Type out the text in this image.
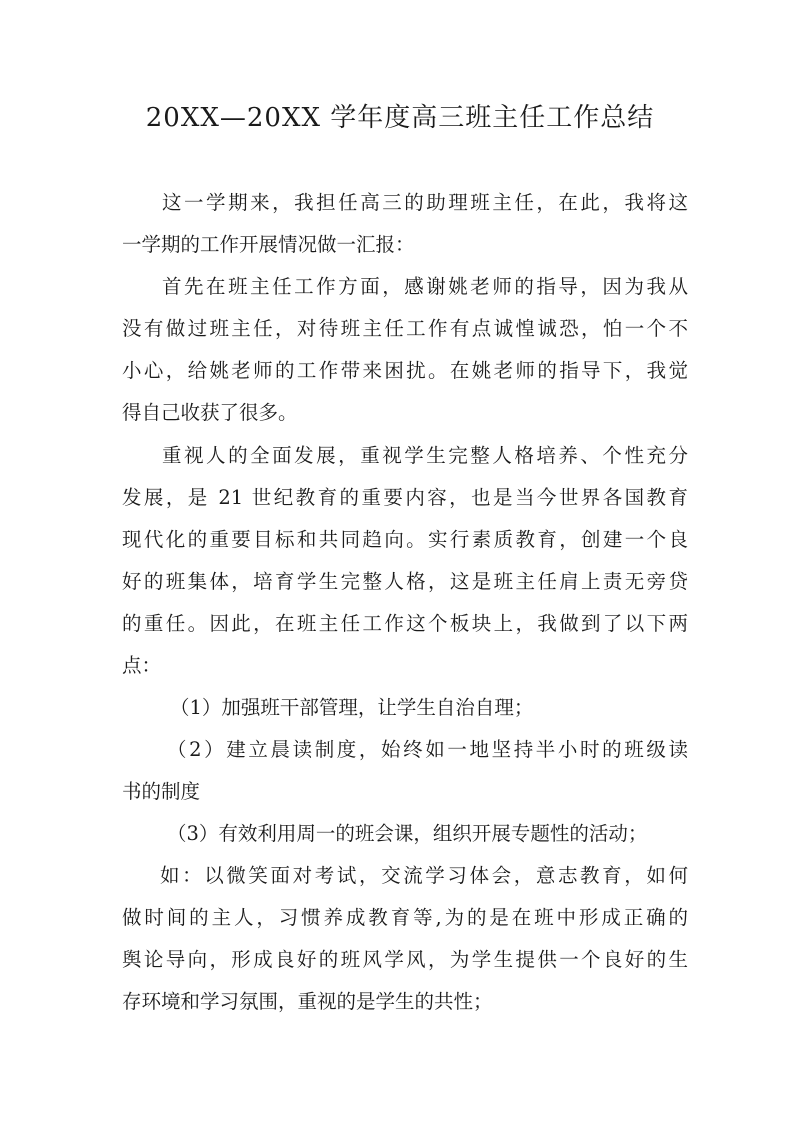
20XX—20XX 学年度高三班主任工作总结
这一学期来，我担任高三的助理班主任，在此，我将这
一学期的工作开展情况做一汇报：
首先在班主任工作方面，感谢姚老师的指导，因为我从
没有做过班主任，对待班主任工作有点诚惶诚恐，怕一个不
小心，给姚老师的工作带来困扰。在姚老师的指导下，我觉
得自己收获了很多。
重视人的全面发展，重视学生完整人格培养、个性充分
发展，是 21 世纪教育的重要内容，也是当今世界各国教育
现代化的重要目标和共同趋向。实行素质教育，创建一个良
好的班集体，培育学生完整人格，这是班主任肩上责无旁贷
的重任。因此，在班主任工作这个板块上，我做到了以下两
点：
（1）加强班干部管理，让学生自治自理；
（2）建立晨读制度，始终如一地坚持半小时的班级读
书的制度
（3）有效利用周一的班会课，组织开展专题性的活动；
如：以微笑面对考试，交流学习体会，意志教育，如何
做时间的主人，习惯养成教育等,为的是在班中形成正确的
舆论导向，形成良好的班风学风，为学生提供一个良好的生
存环境和学习氛围，重视的是学生的共性；
